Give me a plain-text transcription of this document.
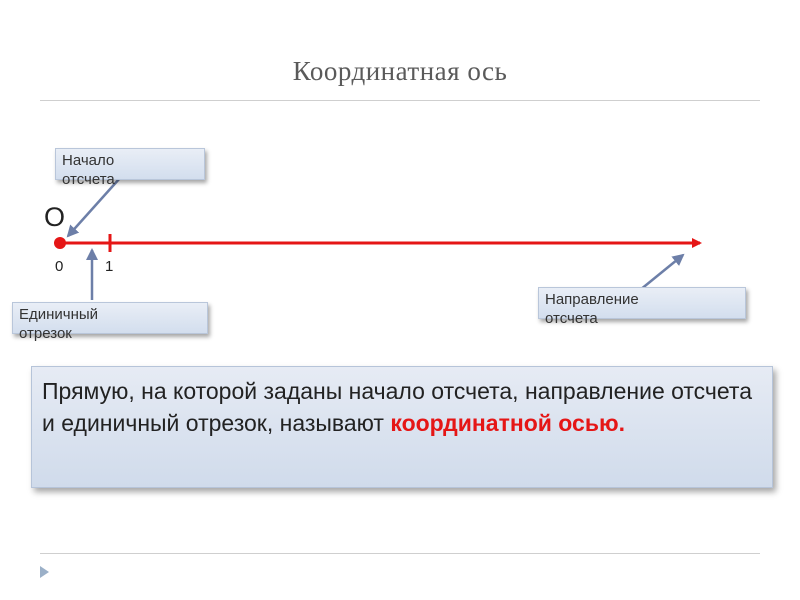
Координатная ось
O
0	1
Начало
отсчета
Единичный
отрезок
Направление
отсчета
Прямую, на которой заданы начало отсчета, направление отсчета и единичный отрезок, называют координатной осью.
